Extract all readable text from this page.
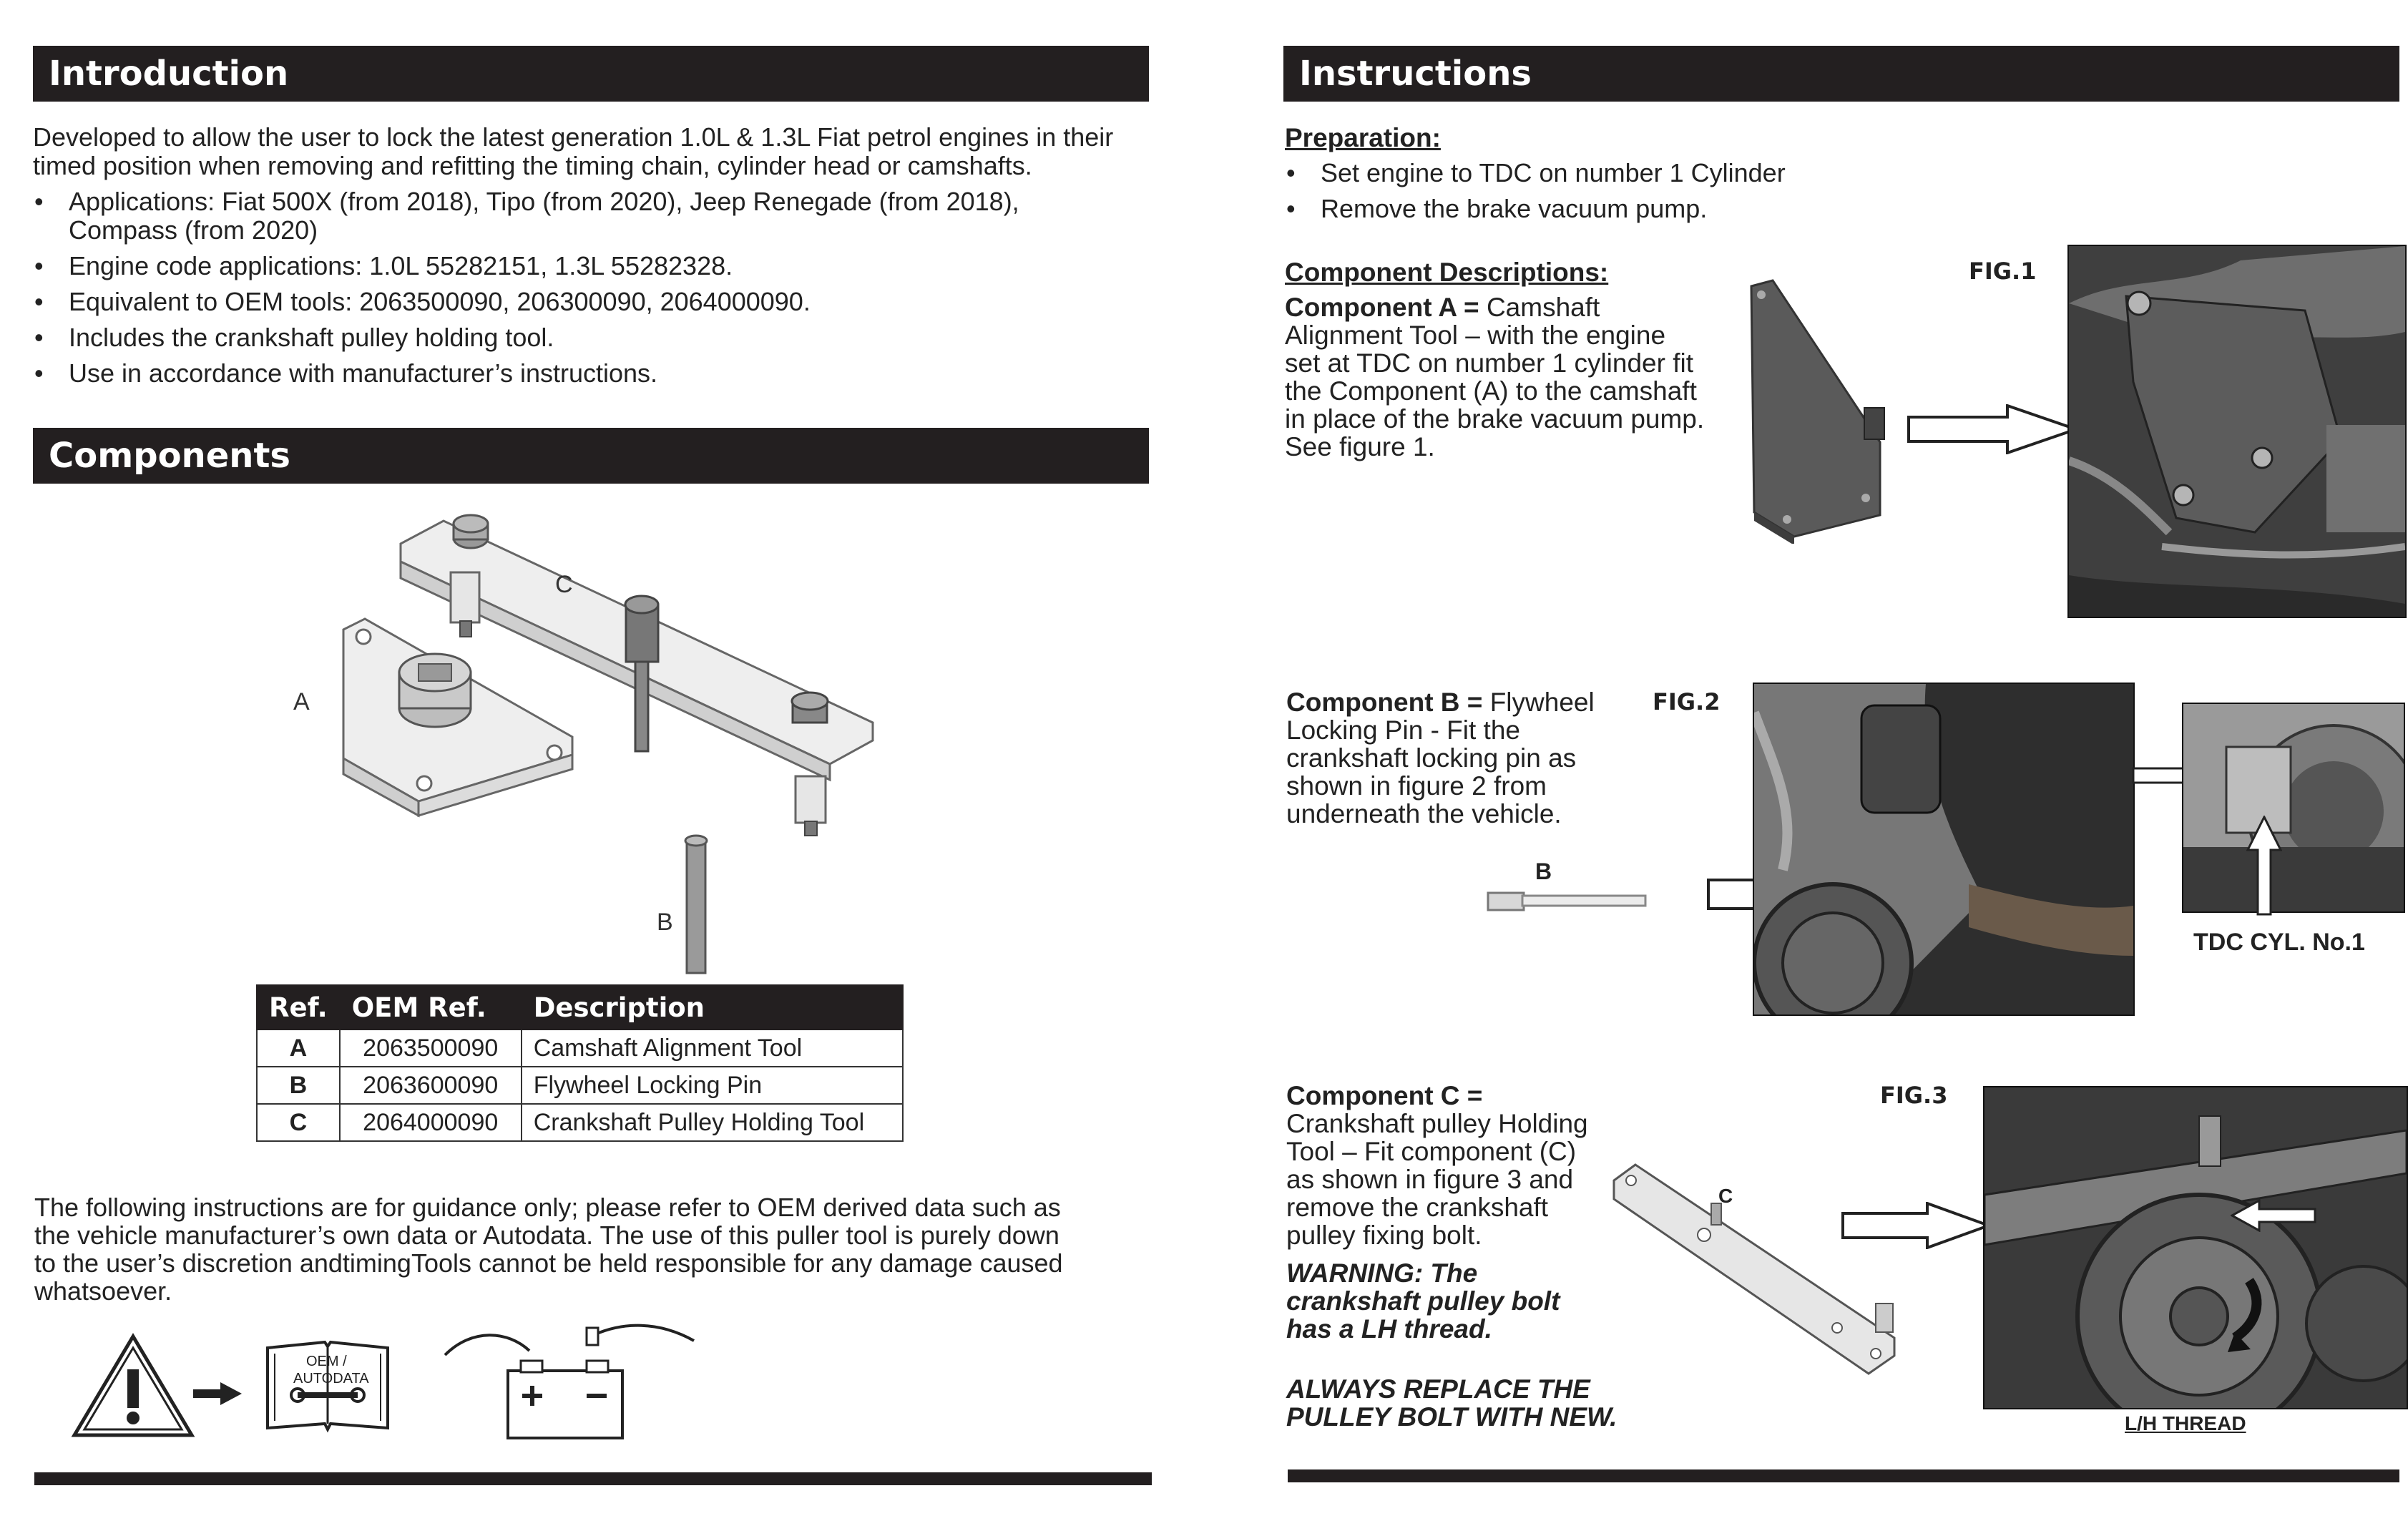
Introduction
Developed to allow the user to lock the latest generation 1.0L & 1.3L Fiat petrol engines in their timed position when removing and refitting the timing chain, cylinder head or camshafts.
• Applications: Fiat 500X (from 2018), Tipo (from 2020), Jeep Renegade (from 2018), Compass (from 2020)
• Engine code applications: 1.0L 55282151, 1.3L 55282328.
• Equivalent to OEM tools: 2063500090, 206300090, 2064000090.
• Includes the crankshaft pulley holding tool.
• Use in accordance with manufacturer’s instructions.
Components
C
A
B
Ref.	OEM Ref.	Description
A	2063500090	Camshaft Alignment Tool
B	2063600090	Flywheel Locking Pin
C	2064000090	Crankshaft Pulley Holding Tool
The following instructions are for guidance only; please refer to OEM derived data such as the vehicle manufacturer’s own data or Autodata. The use of this puller tool is purely down to the user’s discretion andtimingTools cannot be held responsible for any damage caused whatsoever.
OEM /
AUTODATA
Instructions
Preparation:
• Set engine to TDC on number 1 Cylinder
• Remove the brake vacuum pump.
Component Descriptions:
Component A = Camshaft Alignment Tool – with the engine set at TDC on number 1 cylinder fit the Component (A) to the camshaft in place of the brake vacuum pump. See figure 1.
A
FIG.1
Component B = Flywheel Locking Pin - Fit the crankshaft locking pin as shown in figure 2 from underneath the vehicle.
FIG.2
B
TDC CYL. No.1
Component C = Crankshaft pulley Holding Tool – Fit component (C) as shown in figure 3 and remove the crankshaft pulley fixing bolt.
WARNING: The crankshaft pulley bolt has a LH thread.
ALWAYS REPLACE THE PULLEY BOLT WITH NEW.
C
FIG.3
L/H THREAD
